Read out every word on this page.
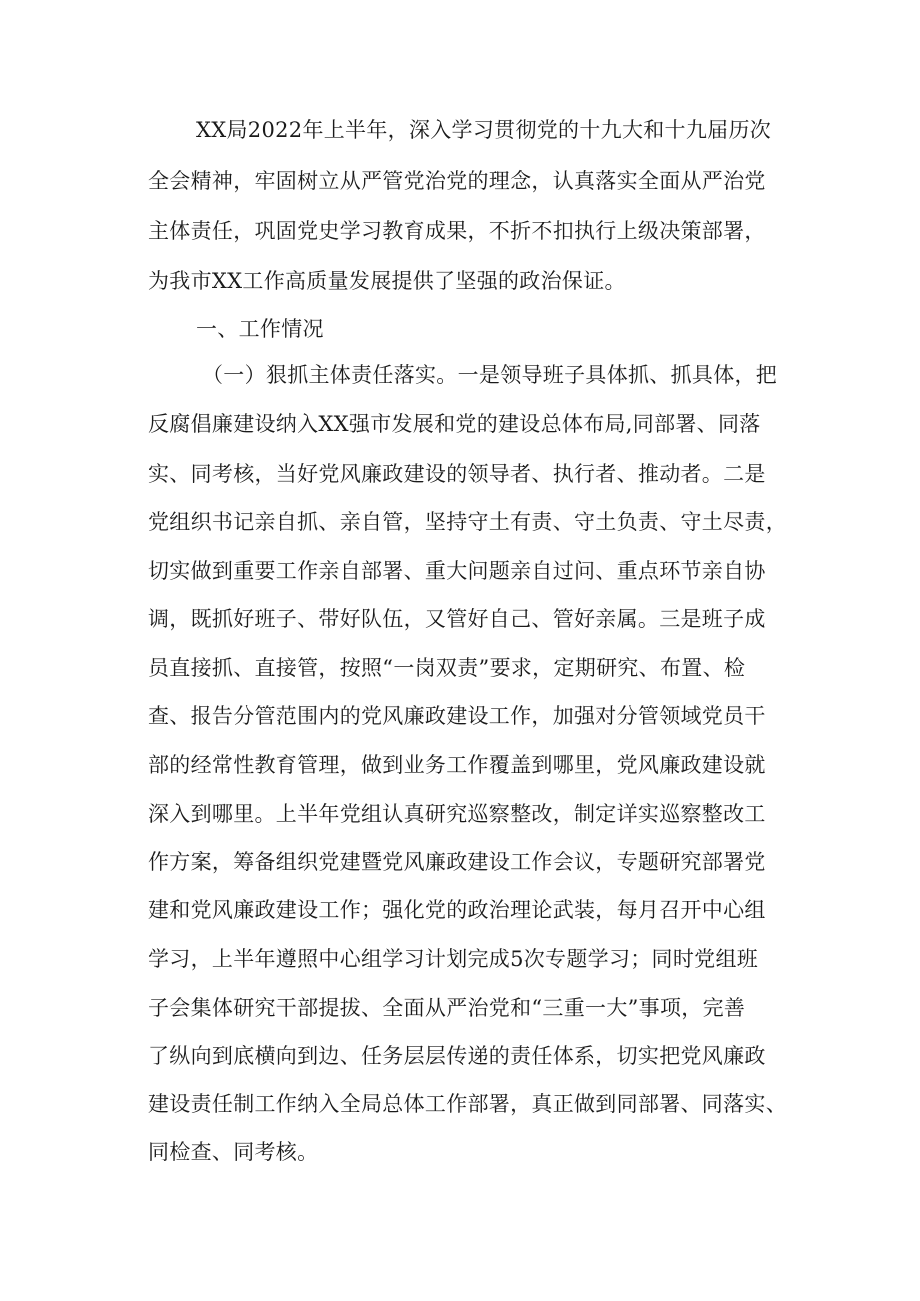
XX局2022年上半年，深入学习贯彻党的十九大和十九届历次
全会精神，牢固树立从严管党治党的理念，认真落实全面从严治党
主体责任，巩固党史学习教育成果，不折不扣执行上级决策部署，
为我市XX工作高质量发展提供了坚强的政治保证。
一、工作情况
（一）狠抓主体责任落实。一是领导班子具体抓、抓具体，把
反腐倡廉建设纳入XX强市发展和党的建设总体布局,同部署、同落
实、同考核，当好党风廉政建设的领导者、执行者、推动者。二是
党组织书记亲自抓、亲自管，坚持守土有责、守土负责、守土尽责，
切实做到重要工作亲自部署、重大问题亲自过问、重点环节亲自协
调，既抓好班子、带好队伍，又管好自己、管好亲属。三是班子成
员直接抓、直接管，按照“一岗双责”要求，定期研究、布置、检
查、报告分管范围内的党风廉政建设工作，加强对分管领域党员干
部的经常性教育管理，做到业务工作覆盖到哪里，党风廉政建设就
深入到哪里。上半年党组认真研究巡察整改，制定详实巡察整改工
作方案，筹备组织党建暨党风廉政建设工作会议，专题研究部署党
建和党风廉政建设工作；强化党的政治理论武装，每月召开中心组
学习，上半年遵照中心组学习计划完成5次专题学习；同时党组班
子会集体研究干部提拔、全面从严治党和“三重一大”事项，完善
了纵向到底横向到边、任务层层传递的责任体系，切实把党风廉政
建设责任制工作纳入全局总体工作部署，真正做到同部署、同落实、
同检查、同考核。
